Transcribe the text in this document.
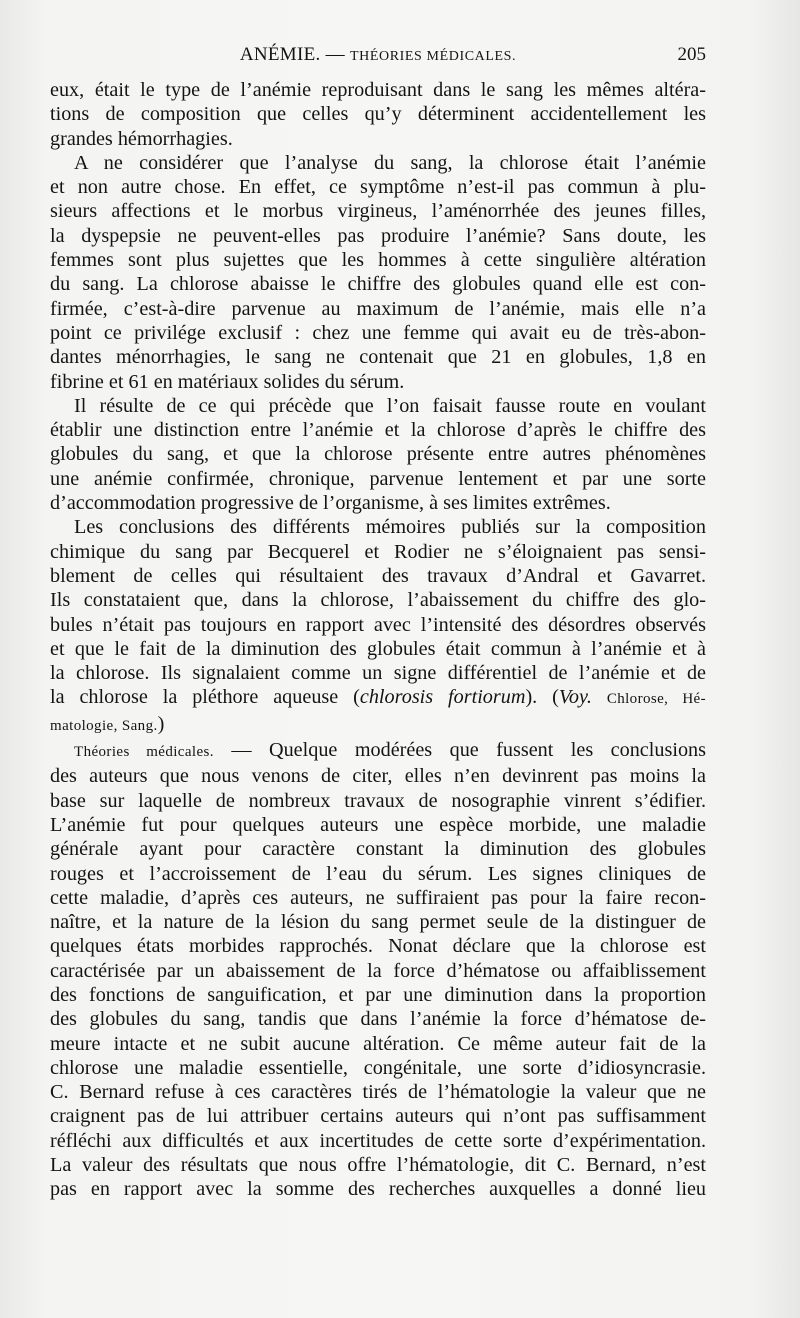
ANÉMIE. — THÉORIES MÉDICALES.	205

eux, était le type de l’anémie reproduisant dans le sang les mêmes altéra-

tions de composition que celles qu’y déterminent accidentellement les

grandes hémorrhagies.

A ne considérer que l’analyse du sang, la chlorose était l’anémie

et non autre chose. En effet, ce symptôme n’est-il pas commun à plu-

sieurs affections et le morbus virgineus, l’aménorrhée des jeunes filles,

la dyspepsie ne peuvent-elles pas produire l’anémie? Sans doute, les

femmes sont plus sujettes que les hommes à cette singulière altération

du sang. La chlorose abaisse le chiffre des globules quand elle est con-

firmée, c’est-à-dire parvenue au maximum de l’anémie, mais elle n’a

point ce privilége exclusif : chez une femme qui avait eu de très-abon-

dantes ménorrhagies, le sang ne contenait que 21 en globules, 1,8 en

fibrine et 61 en matériaux solides du sérum.

Il résulte de ce qui précède que l’on faisait fausse route en voulant

établir une distinction entre l’anémie et la chlorose d’après le chiffre des

globules du sang, et que la chlorose présente entre autres phénomènes

une anémie confirmée, chronique, parvenue lentement et par une sorte

d’accommodation progressive de l’organisme, à ses limites extrêmes.

Les conclusions des différents mémoires publiés sur la composition

chimique du sang par Becquerel et Rodier ne s’éloignaient pas sensi-

blement de celles qui résultaient des travaux d’Andral et Gavarret.

Ils constataient que, dans la chlorose, l’abaissement du chiffre des glo-

bules n’était pas toujours en rapport avec l’intensité des désordres observés

et que le fait de la diminution des globules était commun à l’anémie et à

la chlorose. Ils signalaient comme un signe différentiel de l’anémie et de

la chlorose la pléthore aqueuse (chlorosis fortiorum). (Voy. Chlorose, Hé-

matologie, Sang.)

Théories médicales. — Quelque modérées que fussent les conclusions

des auteurs que nous venons de citer, elles n’en devinrent pas moins la

base sur laquelle de nombreux travaux de nosographie vinrent s’édifier.

L’anémie fut pour quelques auteurs une espèce morbide, une maladie

générale ayant pour caractère constant la diminution des globules

rouges et l’accroissement de l’eau du sérum. Les signes cliniques de

cette maladie, d’après ces auteurs, ne suffiraient pas pour la faire recon-

naître, et la nature de la lésion du sang permet seule de la distinguer de

quelques états morbides rapprochés. Nonat déclare que la chlorose est

caractérisée par un abaissement de la force d’hématose ou affaiblissement

des fonctions de sanguification, et par une diminution dans la proportion

des globules du sang, tandis que dans l’anémie la force d’hématose de-

meure intacte et ne subit aucune altération. Ce même auteur fait de la

chlorose une maladie essentielle, congénitale, une sorte d’idiosyncrasie.

C. Bernard refuse à ces caractères tirés de l’hématologie la valeur que ne

craignent pas de lui attribuer certains auteurs qui n’ont pas suffisamment

réfléchi aux difficultés et aux incertitudes de cette sorte d’expérimentation.

La valeur des résultats que nous offre l’hématologie, dit C. Bernard, n’est

pas en rapport avec la somme des recherches auxquelles a donné lieu
